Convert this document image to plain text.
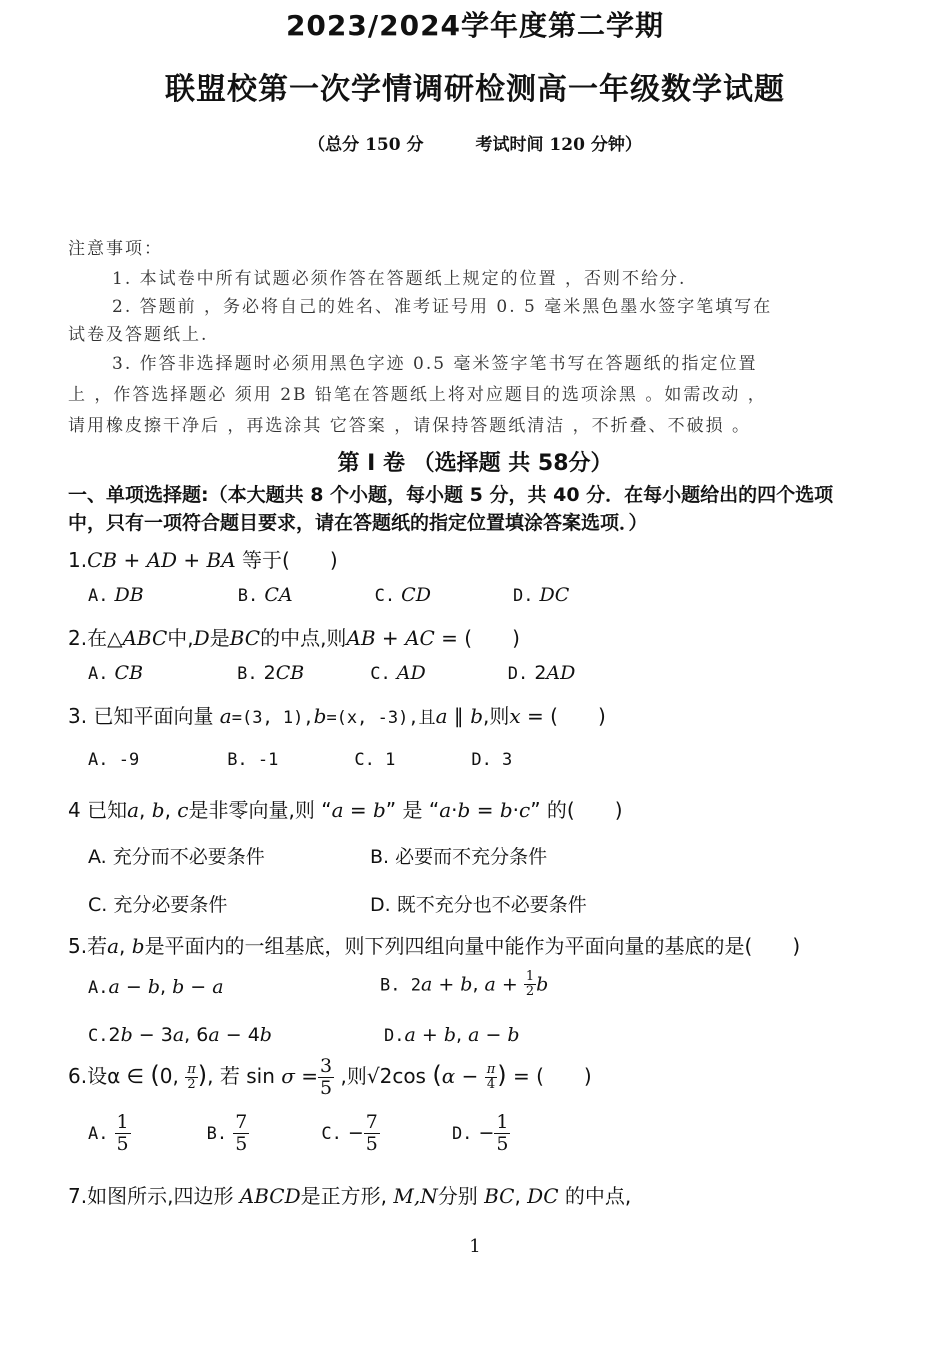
2023/2024学年度第二学期
联盟校第一次学情调研检测高一年级数学试题
（总分 150 分	考试时间 120 分钟）
注意事项：
1. 本试卷中所有试题必须作答在答题纸上规定的位置 ，否则不给分.
2. 答题前 ，务必将自己的姓名、准考证号用 0. 5 毫米黑色墨水签字笔填写在
试卷及答题纸上.
3. 作答非选择题时必须用黑色字迹 0.5 毫米签字笔书写在答题纸的指定位置
上 ，作答选择题必 须用 2B 铅笔在答题纸上将对应题目的选项涂黑 。如需改动 ，
请用橡皮擦干净后 ，再选涂其 它答案 ，请保持答题纸清洁 ，不折叠、不破损 。
第 I 卷 （选择题 共 58分）
一、单项选择题:（本大题共 8 个小题，每小题 5 分，共 40 分．在每小题给出的四个选项
中，只有一项符合题目要求，请在答题纸的指定位置填涂答案选项．）
1.CB + AD + BA 等于(　　)
A. DB	B. CA	C. CD	D. DC
2.在△ABC中,D是BC的中点,则AB + AC = (　　)
A. CB	B. 2CB	C. AD	D. 2AD
3. 已知平面向量 a=(3, 1),b=(x, -3),且a ∥ b,则x = (　　)
A. -9	B. -1	C. 1	D. 3
4 已知a, b, c是非零向量,则 “a = b” 是 “a·b = b·c” 的(　　)
A. 充分而不必要条件	B. 必要而不充分条件
C. 充分必要条件	D. 既不充分也不必要条件
5.若a, b是平面内的一组基底，则下列四组向量中能作为平面向量的基底的是(　　)
A.a − b, b − a	B. 2a + b, $a + \frac{1}{2}$ b
C.2b − 3a, 6a − 4b	D.a + b, a − b
6.设α ∈ (0, $\frac{\pi}{2}$ ), 若 $\sin \sigma = \frac{3}{5}$ ,则√2cos ($\alpha - \frac{\pi}{4}$ ) = (　　)
A. $\frac{1}{5}$	B. $\frac{7}{5}$	C. − $\frac{7}{5}$	D. − $\frac{1}{5}$
7.如图所示,四边形 ABCD是正方形, M,N分别 BC, DC 的中点,
1
